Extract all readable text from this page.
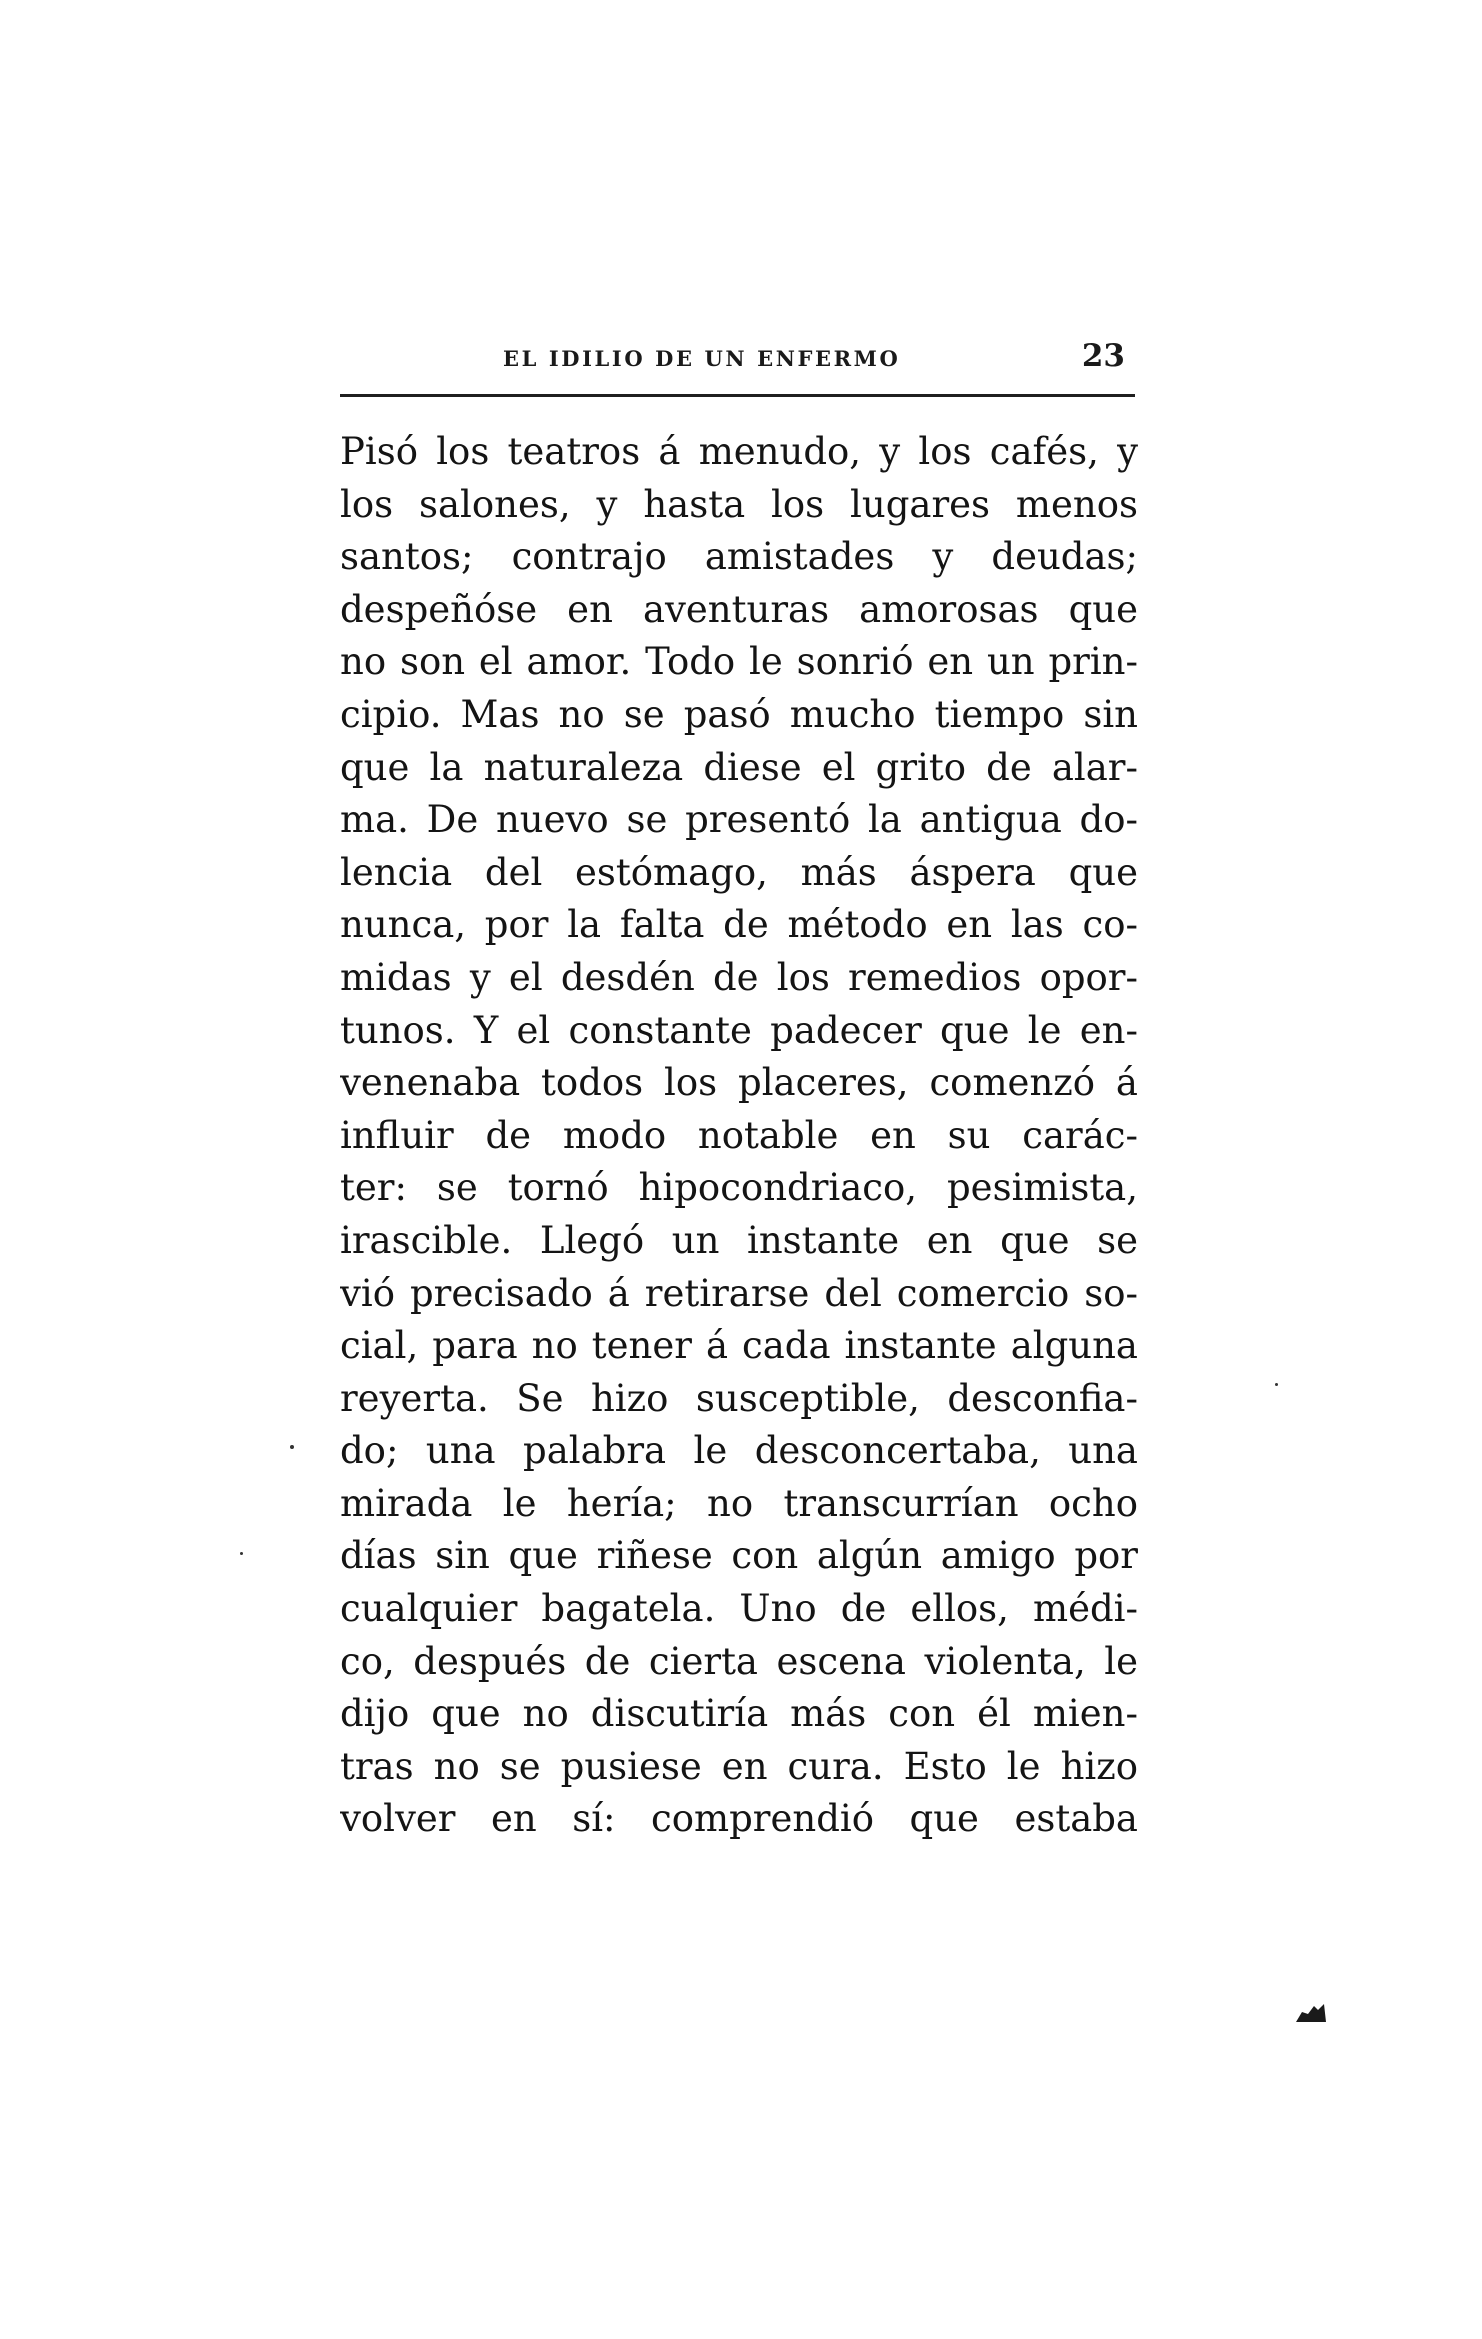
EL IDILIO DE UN ENFERMO	23
Pisó los teatros á menudo, y los cafés, y
los salones, y hasta los lugares menos
santos; contrajo amistades y deudas;
despeñóse en aventuras amorosas que
no son el amor. Todo le sonrió en un prin-
cipio. Mas no se pasó mucho tiempo sin
que la naturaleza diese el grito de alar-
ma. De nuevo se presentó la antigua do-
lencia del estómago, más áspera que
nunca, por la falta de método en las co-
midas y el desdén de los remedios opor-
tunos. Y el constante padecer que le en-
venenaba todos los placeres, comenzó á
influir de modo notable en su carác-
ter: se tornó hipocondriaco, pesimista,
irascible. Llegó un instante en que se
vió precisado á retirarse del comercio so-
cial, para no tener á cada instante alguna
reyerta. Se hizo susceptible, desconfia-
do; una palabra le desconcertaba, una
mirada le hería; no transcurrían ocho
días sin que riñese con algún amigo por
cualquier bagatela. Uno de ellos, médi-
co, después de cierta escena violenta, le
dijo que no discutiría más con él mien-
tras no se pusiese en cura. Esto le hizo
volver en sí: comprendió que estaba
